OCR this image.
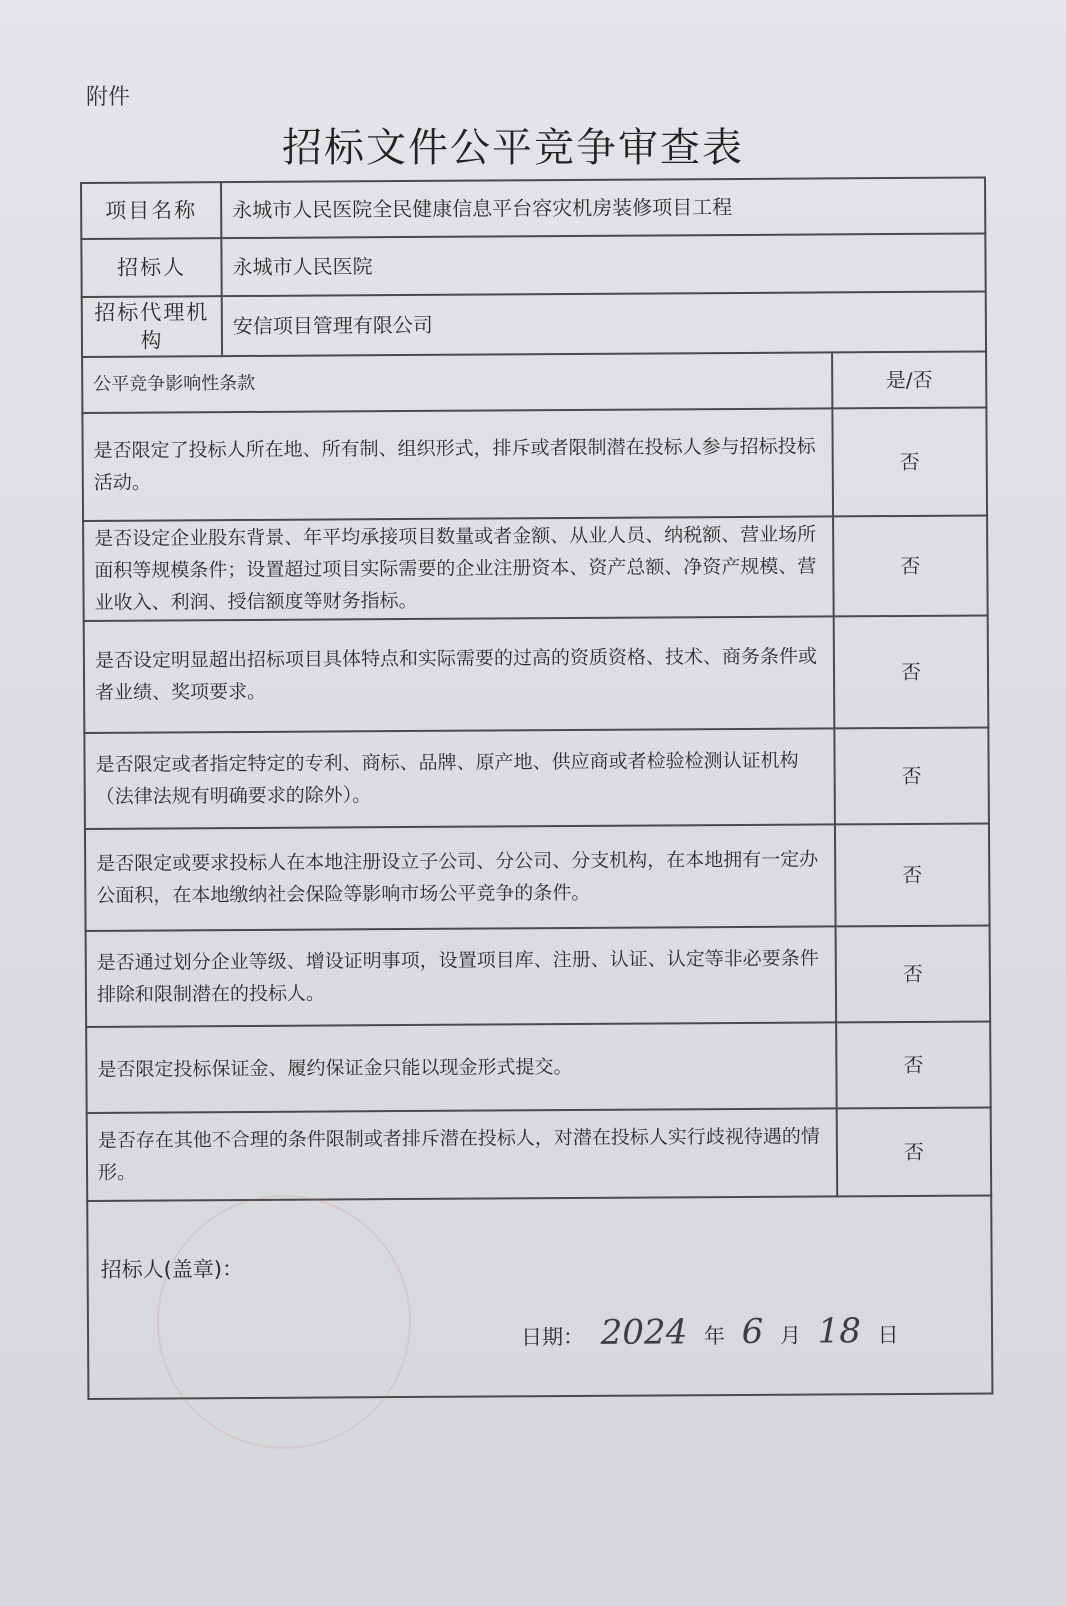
附件
招标文件公平竞争审查表
项目名称	永城市人民医院全民健康信息平台容灾机房装修项目工程	
招标人	永城市人民医院	
招标代理机构	安信项目管理有限公司	
公平竞争影响性条款		是/否
是否限定了投标人所在地、所有制、组织形式，排斥或者限制潜在投标人参与招标投标活动。		否
是否设定企业股东背景、年平均承接项目数量或者金额、从业人员、纳税额、营业场所面积等规模条件；设置超过项目实际需要的企业注册资本、资产总额、净资产规模、营业收入、利润、授信额度等财务指标。		否
是否设定明显超出招标项目具体特点和实际需要的过高的资质资格、技术、商务条件或者业绩、奖项要求。		否
是否限定或者指定特定的专利、商标、品牌、原产地、供应商或者检验检测认证机构（法律法规有明确要求的除外）。		否
是否限定或要求投标人在本地注册设立子公司、分公司、分支机构，在本地拥有一定办公面积，在本地缴纳社会保险等影响市场公平竞争的条件。		否
是否通过划分企业等级、增设证明事项，设置项目库、注册、认证、认定等非必要条件排除和限制潜在的投标人。		否
是否限定投标保证金、履约保证金只能以现金形式提交。		否
是否存在其他不合理的条件限制或者排斥潜在投标人，对潜在投标人实行歧视待遇的情形。		否

招标人(盖章)：
日期： 2024 年 6 月 18 日		
